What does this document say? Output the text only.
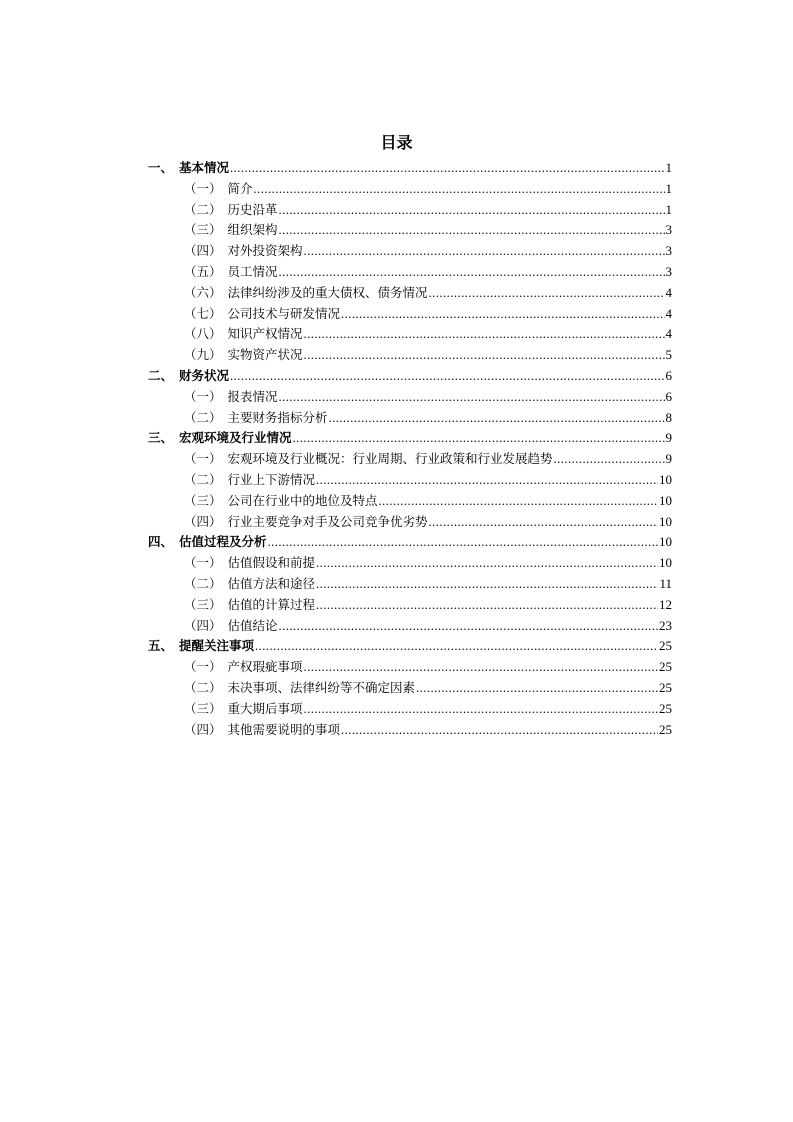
目录
一、 基本情况 .....	1
（一） 简介 .....	1
（二） 历史沿革 .....	1
（三） 组织架构 .....	3
（四） 对外投资架构 .....	3
（五） 员工情况 .....	3
（六） 法律纠纷涉及的重大债权、债务情况 .....	4
（七） 公司技术与研发情况 .....	4
（八） 知识产权情况 .....	4
（九） 实物资产状况 .....	5
二、 财务状况 .....	6
（一） 报表情况 .....	6
（二） 主要财务指标分析 .....	8
三、 宏观环境及行业情况 .....	9
（一） 宏观环境及行业概况：行业周期、行业政策和行业发展趋势 .....	9
（二） 行业上下游情况 .....	10
（三） 公司在行业中的地位及特点 .....	10
（四） 行业主要竞争对手及公司竞争优劣势 .....	10
四、 估值过程及分析 .....	10
（一） 估值假设和前提 .....	10
（二） 估值方法和途径 .....	11
（三） 估值的计算过程 .....	12
（四） 估值结论 .....	23
五、 提醒关注事项 .....	25
（一） 产权瑕疵事项 .....	25
（二） 未决事项、法律纠纷等不确定因素 .....	25
（三） 重大期后事项 .....	25
（四） 其他需要说明的事项 .....	25
